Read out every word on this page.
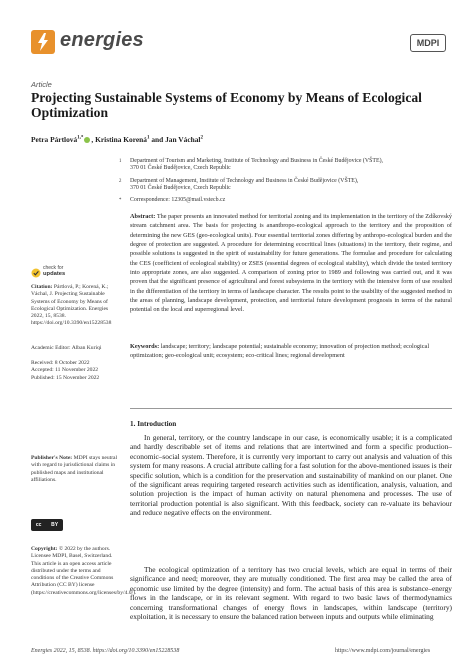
energies	MDPI
Article
Projecting Sustainable Systems of Economy by Means of Ecological Optimization
Petra Pártlová$^{1,*}$ , Kristina Korená$^1$ and Jan Váchal$^2$
1 Department of Tourism and Marketing, Institute of Technology and Business in České Budějovice (VŠTE),
370 01 České Budějovice, Czech Republic
2 Department of Management, Institute of Technology and Business in České Budějovice (VŠTE),
370 01 České Budějovice, Czech Republic
* Correspondence: 12305@mail.vstecb.cz
Abstract: The paper presents an innovated method for territorial zoning and its implementation in the territory of the Zdíkovský stream catchment area. The basis for projecting is anantbropo-ecological approach to the territory and the proposition of determining the new GES (geo-ecological units). Four essential territorial zones differing by anthropo-ecological burden and the degree of protection are suggested. A procedure for determining ecocritical lines (situations) in the territory, their regime, and possible solutions is suggested in the spirit of sustainability for future generations. The formulae and procedure for calculating the CES (coefficient of ecological stability) or ZSES (essential degrees of ecological stability), which divide the tested territory into appropriate zones, are also suggested. A comparison of zoning prior to 1989 and following was carried out, and it was proven that the significant presence of agricultural and forest subsystems in the territory with the intensive form of use resulted in the differentiation of the territory in terms of landscape character. The results point to the usability of the suggested method in the areas of planning, landscape development, protection, and territorial future development prognosis in terms of the natural potential on the local and superregional level.
Keywords: landscape; territory; landscape potential; sustainable economy; innovation of projection method; ecological optimization; geo-ecological unit; ecosystem; eco-critical lines; regional development
1. Introduction
In general, territory, or the country landscape in our case, is economically usable; it is a complicated and hardly describable set of items and relations that are intertwined and form a specific production–economic–social system. Therefore, it is currently very important to carry out analysis and valuation of this system for many reasons. A crucial attribute calling for a fast solution for the above-mentioned issues is their specific solution, which is a condition for the preservation and sustainability of mankind on our planet. One of the significant areas requiring targeted research activities such as identification, analysis, valuation, and solution projection is the impact of human activity on natural phenomena and processes. The use of territorial production potential is also significant. With this feedback, society can re-valuate its behaviour and reduce negative effects on the environment.
The ecological optimization of a territory has two crucial levels, which are equal in terms of their significance and need; moreover, they are mutually conditioned. The first area may be called the area of economic use limited by the degree (intensity) and form. The actual basis of this area is substance–energy flows in the landscape, or in its relevant segment. With regard to two basic laws of thermodynamics concerning transformational changes of energy flows in landscapes, within landscape (territory) exploitation, it is necessary to ensure the balanced ration between inputs and outputs while eliminating
check for
updates
Citation: Pártlová, P.; Korená, K.; Váchal, J. Projecting Sustainable Systems of Economy by Means of Ecological Optimization. Energies 2022, 15, 8538. https://doi.org/10.3390/en15228538
Academic Editor: Alban Kuriqi
Received: 8 October 2022
Accepted: 11 November 2022
Published: 15 November 2022
Publisher's Note: MDPI stays neutral with regard to jurisdictional claims in published maps and institutional affiliations.
cc BY
Copyright: © 2022 by the authors. Licensee MDPI, Basel, Switzerland. This article is an open access article distributed under the terms and conditions of the Creative Commons Attribution (CC BY) license (https://creativecommons.org/licenses/by/4.0/).
Energies 2022, 15, 8538. https://doi.org/10.3390/en15228538	https://www.mdpi.com/journal/energies
